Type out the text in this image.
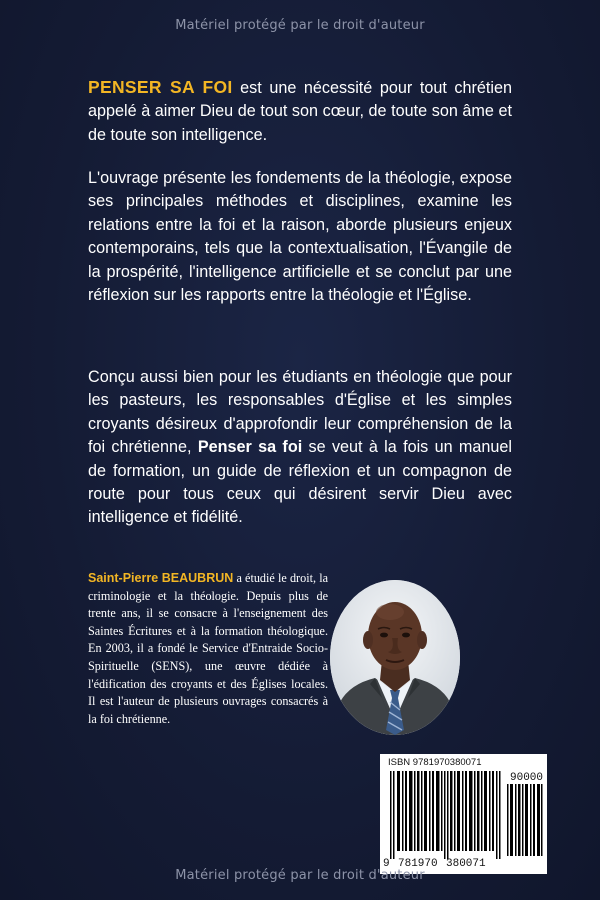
Matériel protégé par le droit d'auteur
PENSER SA FOI est une nécessité pour tout chrétien appelé à aimer Dieu de tout son cœur, de toute son âme et de toute son intelligence.
L'ouvrage présente les fondements de la théologie, expose ses principales méthodes et disciplines, examine les relations entre la foi et la raison, aborde plusieurs enjeux contemporains, tels que la contextualisation, l'Évangile de la prospérité, l'intelligence artificielle et se conclut par une réflexion sur les rapports entre la théologie et l'Église.
Conçu aussi bien pour les étudiants en théologie que pour les pasteurs, les responsables d'Église et les simples croyants désireux d'approfondir leur compréhension de la foi chrétienne, Penser sa foi se veut à la fois un manuel de formation, un guide de réflexion et un compagnon de route pour tous ceux qui désirent servir Dieu avec intelligence et fidélité.
Saint-Pierre BEAUBRUN a étudié le droit, la criminologie et la théologie. Depuis plus de trente ans, il se consacre à l'enseignement des Saintes Écritures et à la formation théologique. En 2003, il a fondé le Service d'Entraide Socio-Spirituelle (SENS), une œuvre dédiée à l'édification des croyants et des Églises locales. Il est l'auteur de plusieurs ouvrages consacrés à la foi chrétienne.
ISBN 9781970380071
90000
9 781970 380071
Matériel protégé par le droit d'auteur
